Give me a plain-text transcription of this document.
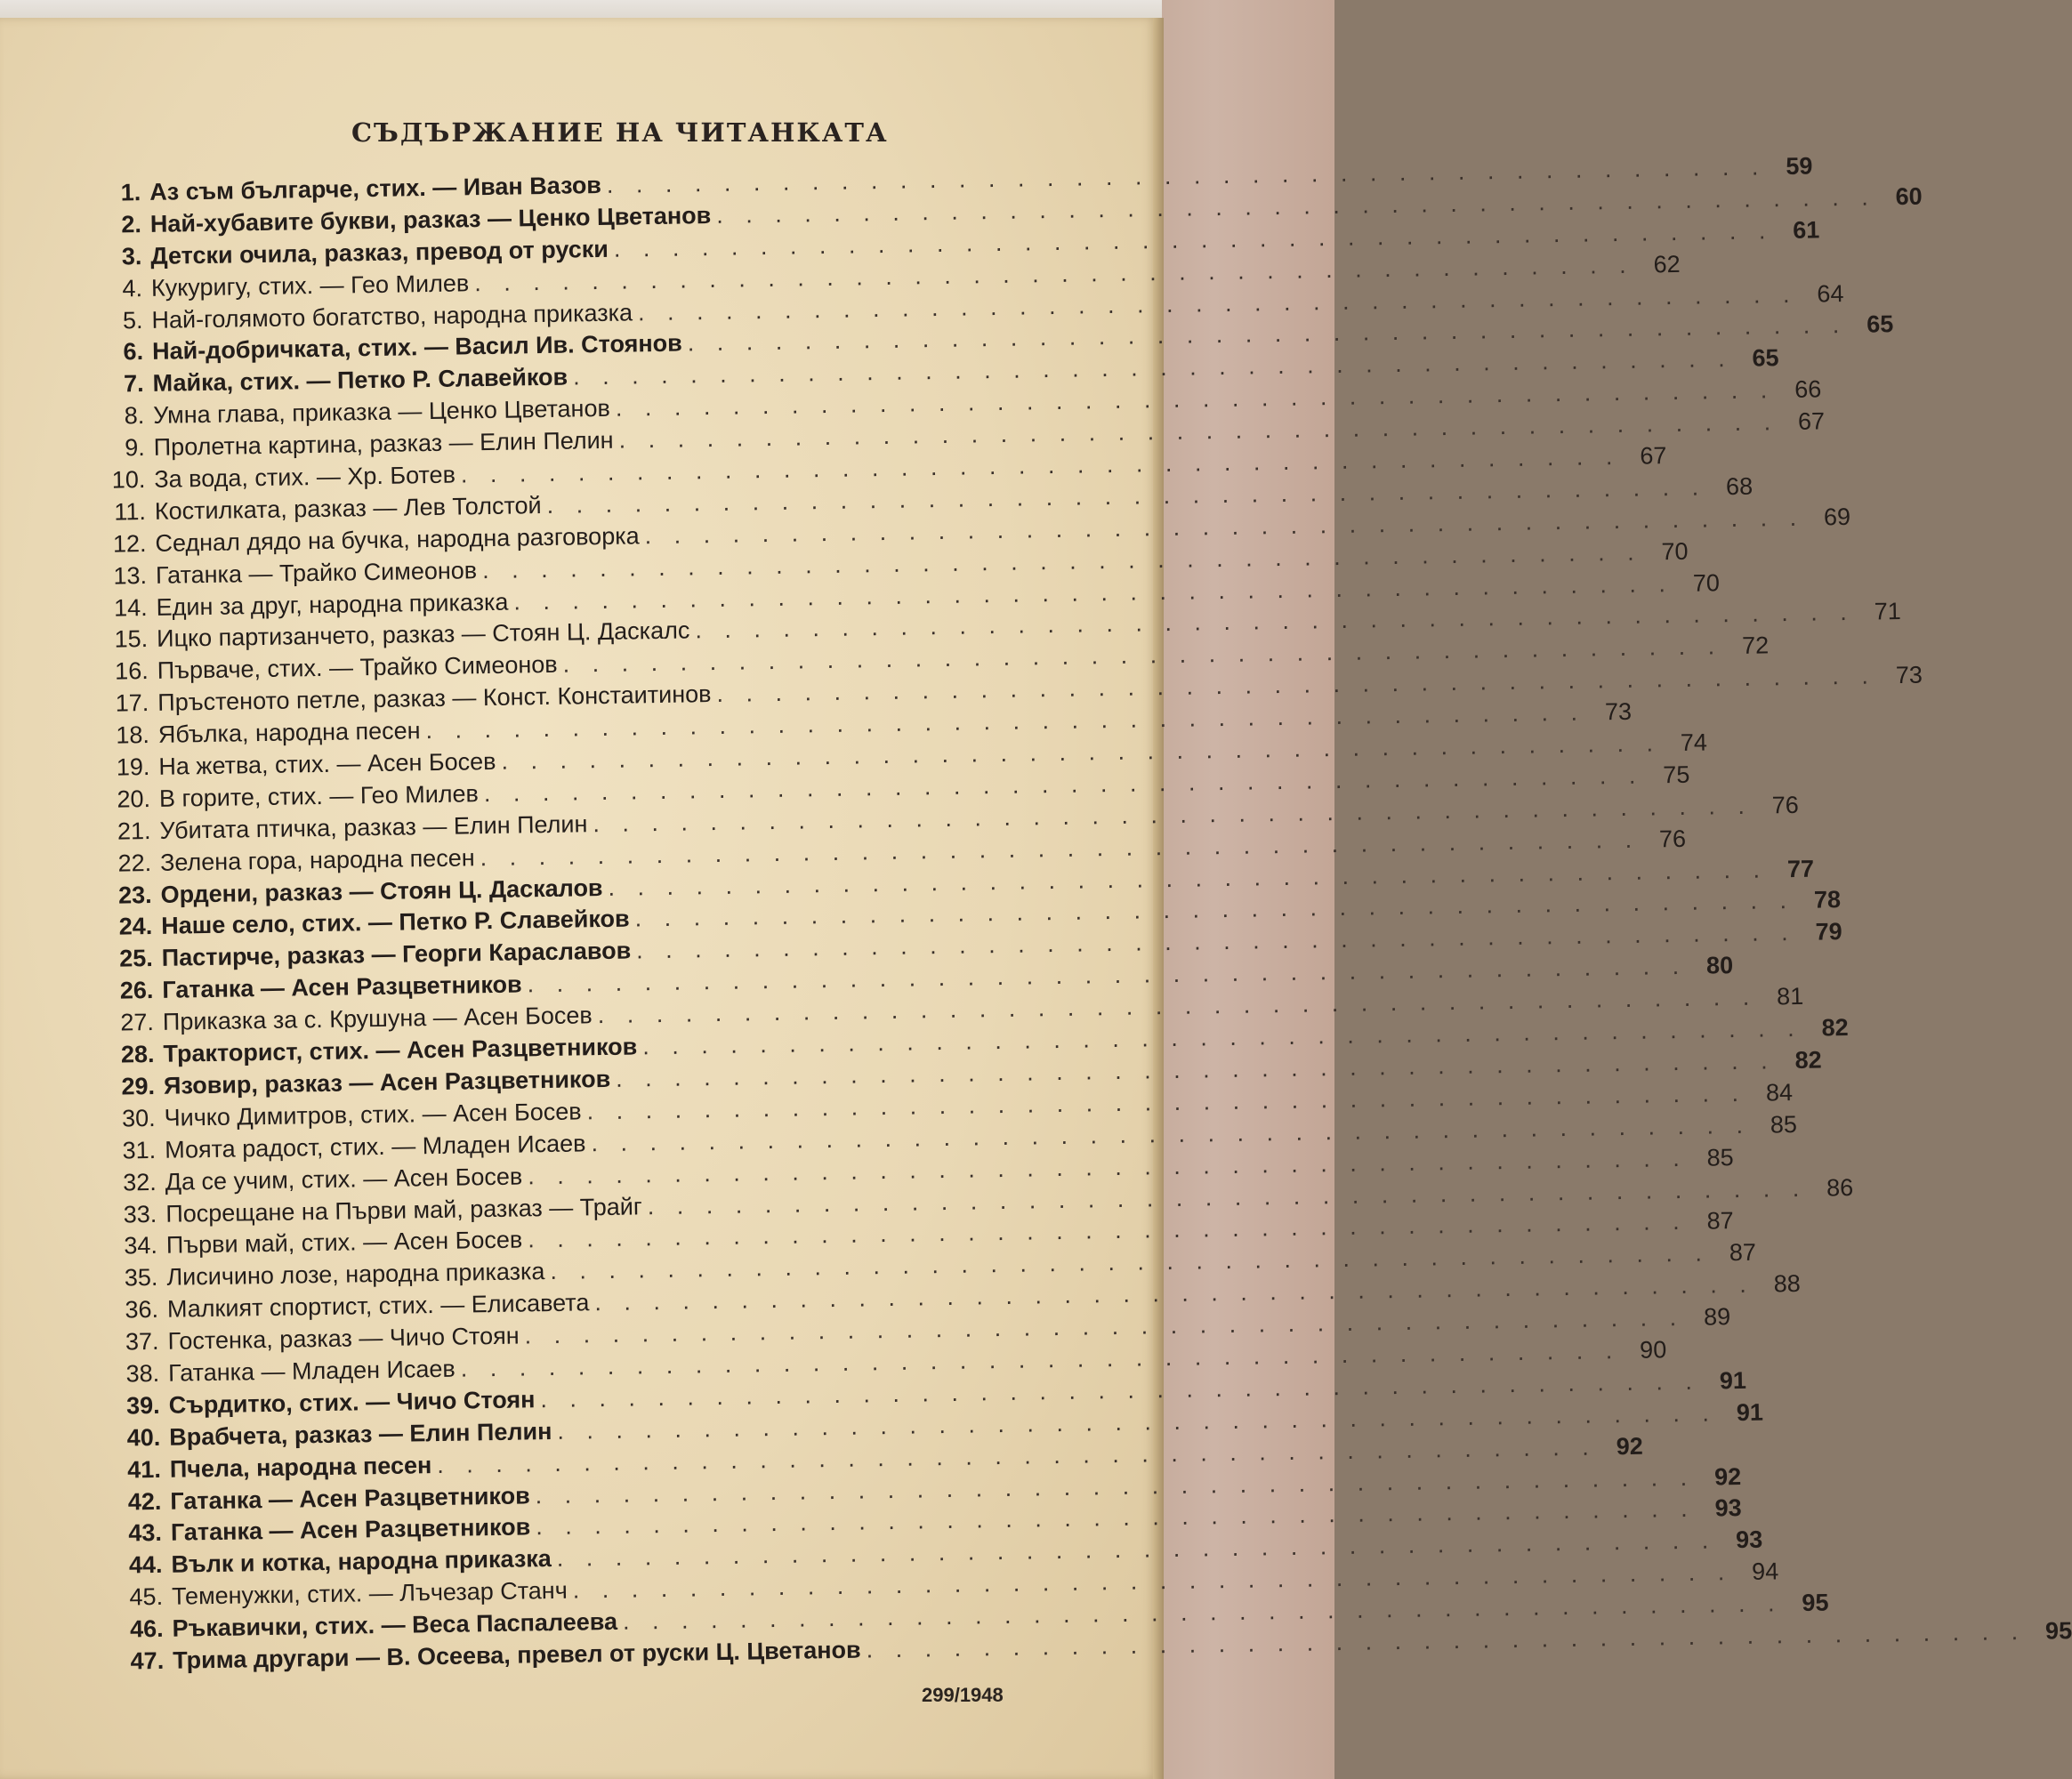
СЪДЪРЖАНИЕ НА ЧИТАНКАТА
1. Аз съм българче, стих. — Иван Вазов
. . .
59
2. Най-хубавите букви, разказ — Ценко Цветанов
. . .
60
3. Детски очила, разказ, превод от руски
. . .
61
4. Кукуригу, стих. — Гео Милев
. . .
62
5. Най-голямото богатство, народна приказка
. . .
64
6. Най-добричката, стих. — Васил Ив. Стоянов
. . .
65
7. Майка, стих. — Петко Р. Славейков
. . .
65
8. Умна глава, приказка — Ценко Цветанов
. . .
66
9. Пролетна картина, разказ — Елин Пелин
. . .
67
10. За вода, стих. — Хр. Ботев
. . .
67
11. Костилката, разказ — Лев Толстой
. . .
68
12. Седнал дядо на бучка, народна разговорка
. . .
69
13. Гатанка — Трайко Симеонов
. . .
70
14. Един за друг, народна приказка
. . .
70
15. Ицко партизанчето, разказ — Стоян Ц. Даскалс
. . .
71
16. Първаче, стих. — Трайко Симеонов
. . .
72
17. Пръстеното петле, разказ — Конст. Констаитинов
. . .
73
18. Ябълка, народна песен
. . .
73
19. На жетва, стих. — Асен Босев
. . .
74
20. В горите, стих. — Гео Милев
. . .
75
21. Убитата птичка, разказ — Елин Пелин
. . .
76
22. Зелена гора, народна песен
. . .
76
23. Ордени, разказ — Стоян Ц. Даскалов
. . .
77
24. Наше село, стих. — Петко Р. Славейков
. . .
78
25. Пастирче, разказ — Георги Караславов
. . .
79
26. Гатанка — Асен Разцветников
. . .
80
27. Приказка за с. Крушуна — Асен Босев
. . .
81
28. Тракторист, стих. — Асен Разцветников
. . .
82
29. Язовир, разказ — Асен Разцветников
. . .
82
30. Чичко Димитров, стих. — Асен Босев
. . .
84
31. Моята радост, стих. — Младен Исаев
. . .
85
32. Да се учим, стих. — Асен Босев
. . .
85
33. Посрещане на Първи май, разказ — Трайг
. . .
86
34. Първи май, стих. — Асен Босев
. . .
87
35. Лисичино лозе, народна приказка
. . .
87
36. Малкият спортист, стих. — Елисавета
. . .
88
37. Гостенка, разказ — Чичо Стоян
. . .
89
38. Гатанка — Младен Исаев
. . .
90
39. Сърдитко, стих. — Чичо Стоян
. . .
91
40. Врабчета, разказ — Елин Пелин
. . .
91
41. Пчела, народна песен
. . .
92
42. Гатанка — Асен Разцветников
. . .
92
43. Гатанка — Асен Разцветников
. . .
93
44. Вълк и котка, народна приказка
. . .
93
45. Теменужки, стих. — Лъчезар Станч
. . .
94
46. Ръкавички, стих. — Веса Паспалеева
. . .
95
47. Трима другари — В. Осеева, превел от руски Ц. Цветанов
. . .
95
299/1948
